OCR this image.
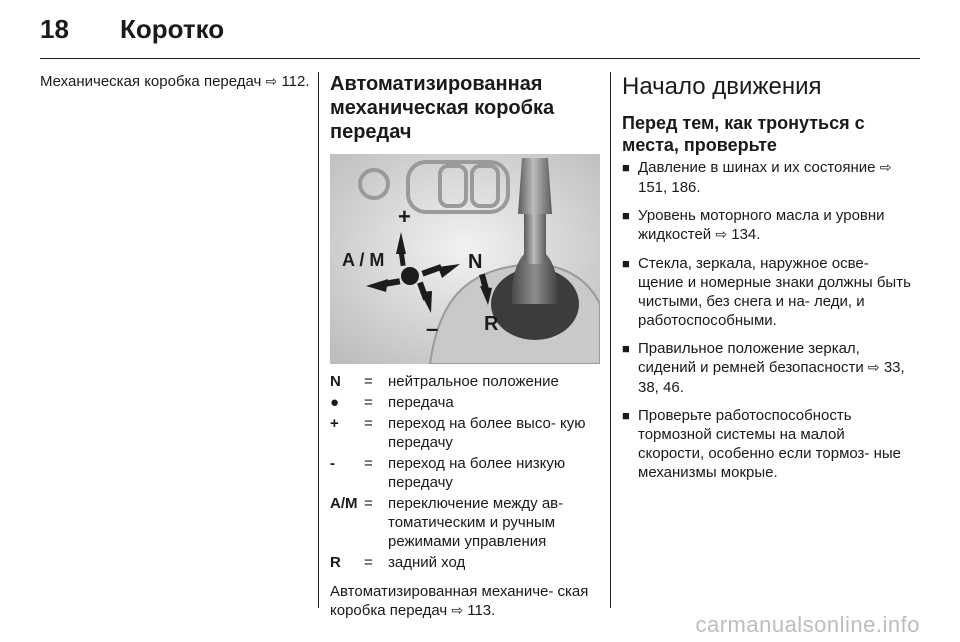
18 Коротко

Механическая коробка передач ⇨ 112. Автоматизированная механическая коробка передач
+
A / M
–
N
R
N	=	нейтральное положение
●	=	передача
+	=	переход на более высо- кую передачу
-	=	переход на более низкую передачу
A/M =	переключение между ав- томатическим и ручным режимами управления
R	=	задний ход

Автоматизированная механиче- ская коробка передач ⇨ 113.

Начало движения
Перед тем, как тронуться с места, проверьте
■ Давление в шинах и их состояние ⇨ 151, 186.
■ Уровень моторного масла и уровни жидкостей ⇨ 134.
■ Стекла, зеркала, наружное осве- щение и номерные знаки должны быть чистыми, без снега и на- леди, и работоспособными.
■ Правильное положение зеркал, сидений и ремней безопасности ⇨ 33, 38, 46.
■ Проверьте работоспособность тормозной системы на малой скорости, особенно если тормоз- ные механизмы мокрые.
carmanualsonline.info
